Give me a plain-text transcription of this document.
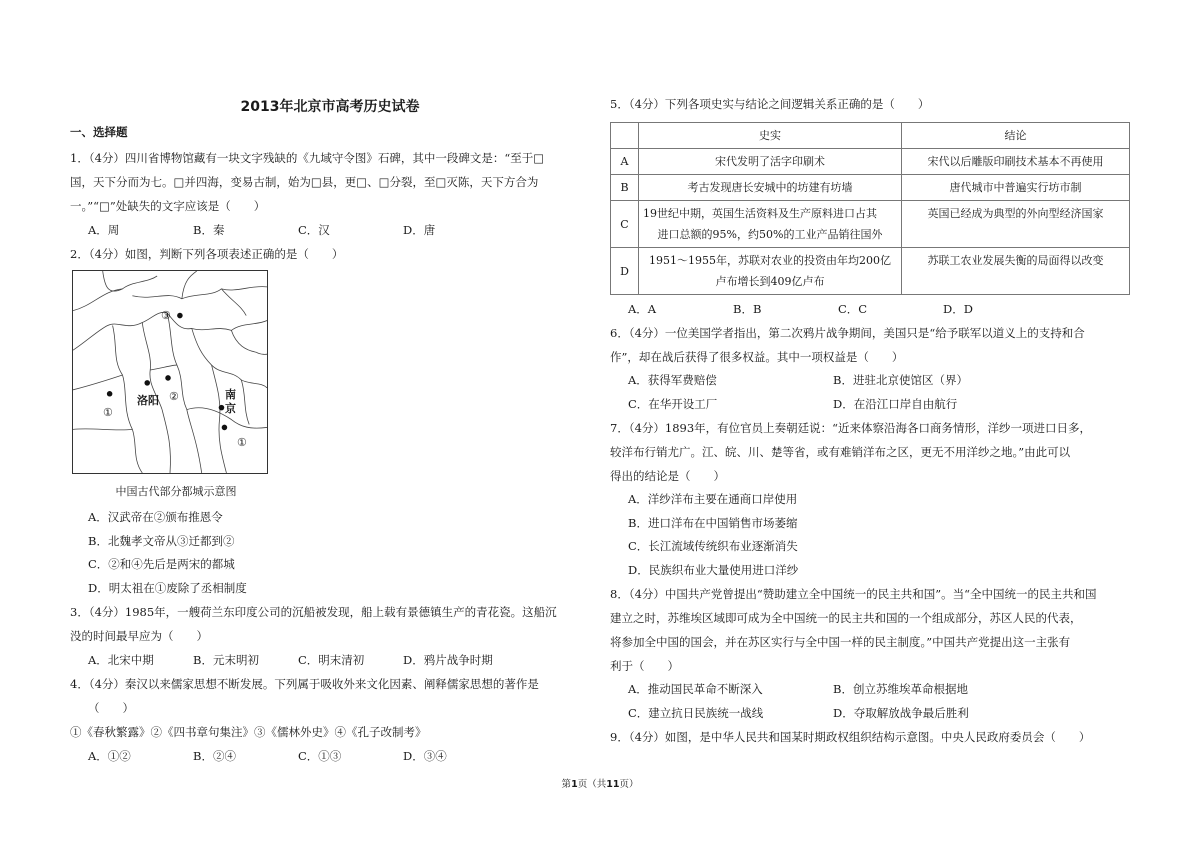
2013年北京市高考历史试卷
一、选择题
1．（4分）四川省博物馆藏有一块文字残缺的《九域守令图》石碑，其中一段碑文是：“至于□
国，天下分而为七。□并四海，变易古制，始为□县，更□、□分裂，至□灭陈，天下方合为
一。”“□”处缺失的文字应该是（　　）
A．周	B．秦	C．汉	D．唐
2．（4分）如图，判断下列各项表述正确的是（　　）
③
洛阳 ②
①
南
京
①
中国古代部分都城示意图
A．汉武帝在②颁布推恩令
B．北魏孝文帝从③迁都到②
C．②和④先后是两宋的都城
D．明太祖在①废除了丞相制度
3．（4分）1985年，一艘荷兰东印度公司的沉船被发现，船上载有景德镇生产的青花瓷。这船沉
没的时间最早应为（　　）
A．北宋中期	B．元末明初	C．明末清初	D．鸦片战争时期
4．（4分）秦汉以来儒家思想不断发展。下列属于吸收外来文化因素、阐释儒家思想的著作是
（　　）
①《春秋繁露》②《四书章句集注》③《儒林外史》④《孔子改制考》
A．①②	B．②④	C．①③	D．③④
5．（4分）下列各项史实与结论之间逻辑关系正确的是（　　）
	史实	结论
A	宋代发明了活字印刷术	宋代以后雕版印刷技术基本不再使用
B	考古发现唐长安城中的坊建有坊墙	唐代城市中普遍实行坊市制
C	19世纪中期，英国生活资料及生产原料进口占其
进口总额的95%，约50%的工业产品销往国外	英国已经成为典型的外向型经济国家
D	1951～1955年，苏联对农业的投资由年均200亿
卢布增长到409亿卢布	苏联工农业发展失衡的局面得以改变
A．A	B．B	C．C	D．D
6．（4分）一位美国学者指出，第二次鸦片战争期间，美国只是“给予联军以道义上的支持和合
作”，却在战后获得了很多权益。其中一项权益是（　　）
A．获得军费赔偿	B．进驻北京使馆区（界）
C．在华开设工厂	D．在沿江口岸自由航行
7．（4分）1893年，有位官员上奏朝廷说：“近来体察沿海各口商务情形，洋纱一项进口日多，
较洋布行销尤广。江、皖、川、楚等省，或有难销洋布之区，更无不用洋纱之地。”由此可以
得出的结论是（　　）
A．洋纱洋布主要在通商口岸使用
B．进口洋布在中国销售市场萎缩
C．长江流域传统织布业逐渐消失
D．民族织布业大量使用进口洋纱
8．（4分）中国共产党曾提出“赞助建立全中国统一的民主共和国”。当“全中国统一的民主共和国
建立之时，苏维埃区域即可成为全中国统一的民主共和国的一个组成部分，苏区人民的代表，
将参加全中国的国会，并在苏区实行与全中国一样的民主制度。”中国共产党提出这一主张有
利于（　　）
A．推动国民革命不断深入	B．创立苏维埃革命根据地
C．建立抗日民族统一战线	D．夺取解放战争最后胜利
9．（4分）如图，是中华人民共和国某时期政权组织结构示意图。中央人民政府委员会（　　）
第1页（共11页）
